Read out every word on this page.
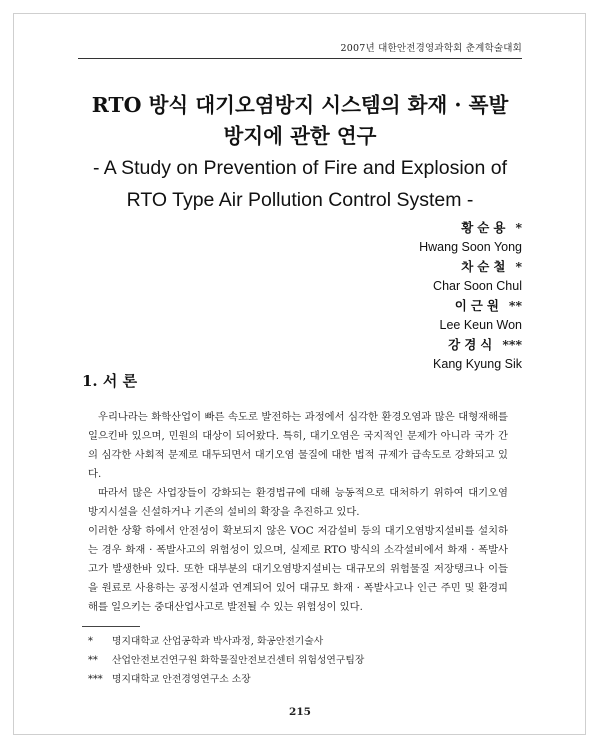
2007년 대한안전경영과학회 춘계학술대회
RTO 방식 대기오염방지 시스템의 화재 · 폭발
방지에 관한 연구
- A Study on Prevention of Fire and Explosion of
RTO Type Air Pollution Control System -
황순용 *
Hwang Soon Yong
차순철 *
Char Soon Chul
이근원 **
Lee Keun Won
강경식 ***
Kang Kyung Sik
1. 서 론

우리나라는 화학산업이 빠른 속도로 발전하는 과정에서 심각한 환경오염과 많은 대형재해를 일으킨바 있으며, 민원의 대상이 되어왔다. 특히, 대기오염은 국지적인 문제가 아니라 국가 간의 심각한 사회적 문제로 대두되면서 대기오염 물질에 대한 법적 규제가 급속도로 강화되고 있다.

따라서 많은 사업장들이 강화되는 환경법규에 대해 능동적으로 대처하기 위하여 대기오염 방지시설을 신설하거나 기존의 설비의 확장을 추진하고 있다.

이러한 상황 하에서 안전성이 확보되지 않은 VOC 저감설비 등의 대기오염방지설비를 설치하는 경우 화재 · 폭발사고의 위험성이 있으며, 실제로 RTO 방식의 소각설비에서 화재 · 폭발사고가 발생한바 있다. 또한 대부분의 대기오염방지설비는 대규모의 위험물질 저장탱크나 이들을 원료로 사용하는 공정시설과 연계되어 있어 대규모 화재 · 폭발사고나 인근 주민 및 환경피해를 일으키는 중대산업사고로 발전될 수 있는 위험성이 있다.

* 명지대학교 산업공학과 박사과정, 화공안전기술사
** 산업안전보건연구원 화학물질안전보건센터 위험성연구팀장
*** 명지대학교 안전경영연구소 소장
215
